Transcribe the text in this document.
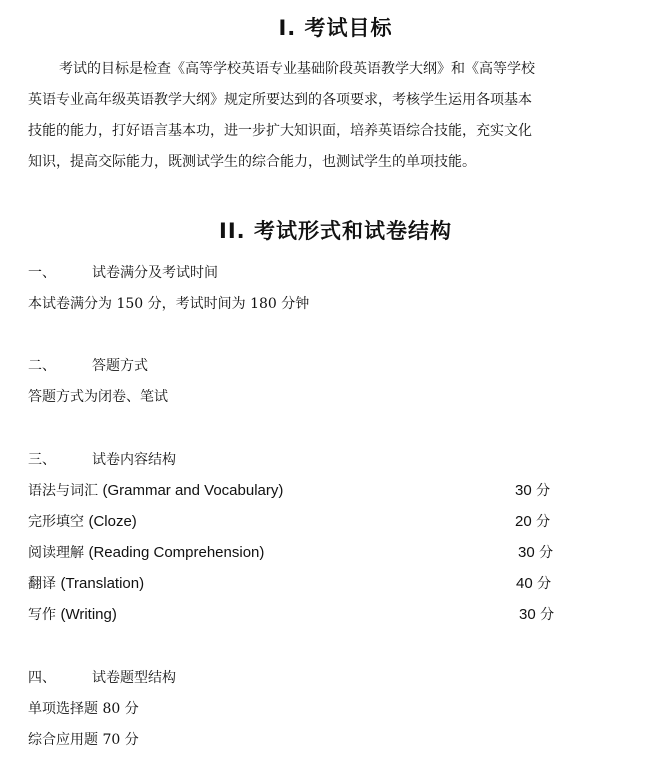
I. 考试目标
考试的目标是检查《高等学校英语专业基础阶段英语教学大纲》和《高等学校
英语专业高年级英语教学大纲》规定所要达到的各项要求，考核学生运用各项基本
技能的能力，打好语言基本功，进一步扩大知识面，培养英语综合技能，充实文化
知识，提高交际能力，既测试学生的综合能力，也测试学生的单项技能。
II. 考试形式和试卷结构
一、	试卷满分及考试时间
本试卷满分为 150 分，考试时间为 180 分钟
二、	答题方式
答题方式为闭卷、笔试
三、	试卷内容结构
语法与词汇 (Grammar and Vocabulary)	30 分
完形填空 (Cloze)	20 分
阅读理解 (Reading Comprehension)	30 分
翻译 (Translation)	40 分
写作 (Writing)	30 分
四、	试卷题型结构
单项选择题 80 分
综合应用题 70 分
